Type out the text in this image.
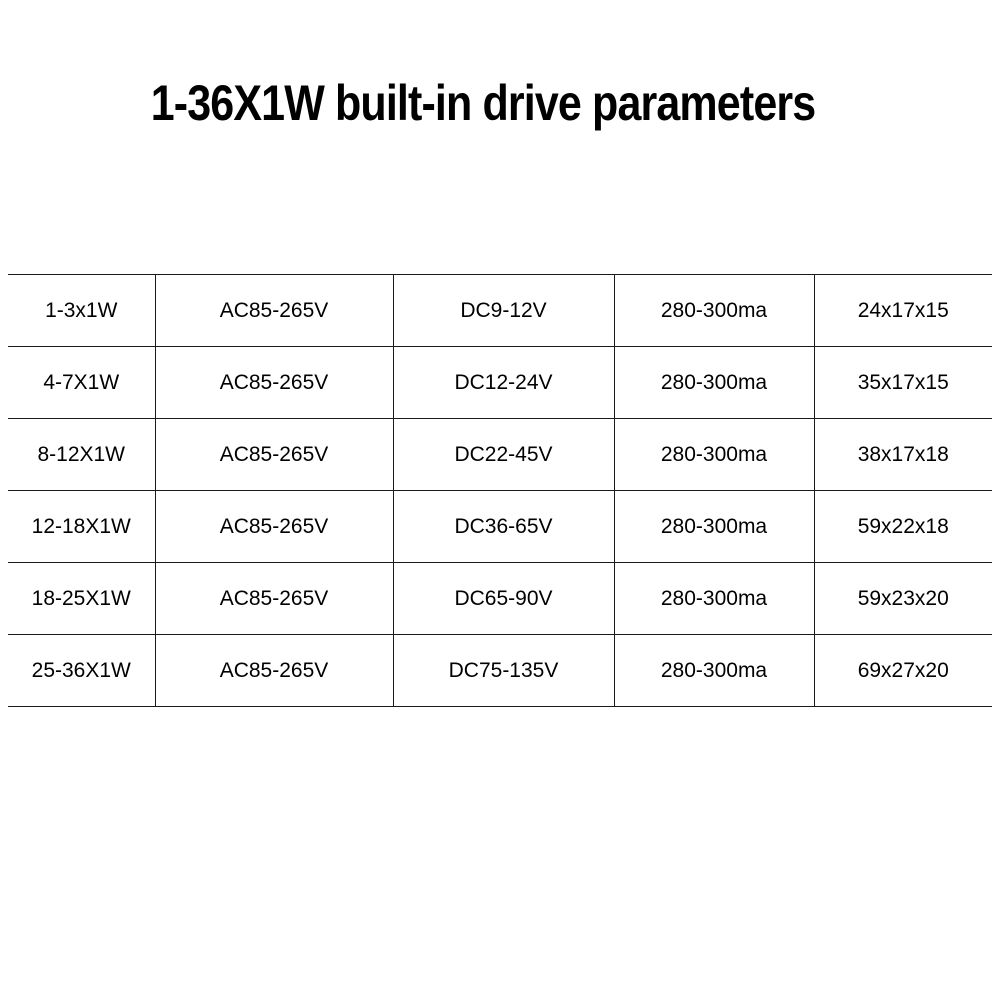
1-36X1W built-in drive parameters
1-3x1W	AC85-265V	DC9-12V	280-300ma	24x17x15
4-7X1W	AC85-265V	DC12-24V	280-300ma	35x17x15
8-12X1W	AC85-265V	DC22-45V	280-300ma	38x17x18
12-18X1W	AC85-265V	DC36-65V	280-300ma	59x22x18
18-25X1W	AC85-265V	DC65-90V	280-300ma	59x23x20
25-36X1W	AC85-265V	DC75-135V	280-300ma	69x27x20
